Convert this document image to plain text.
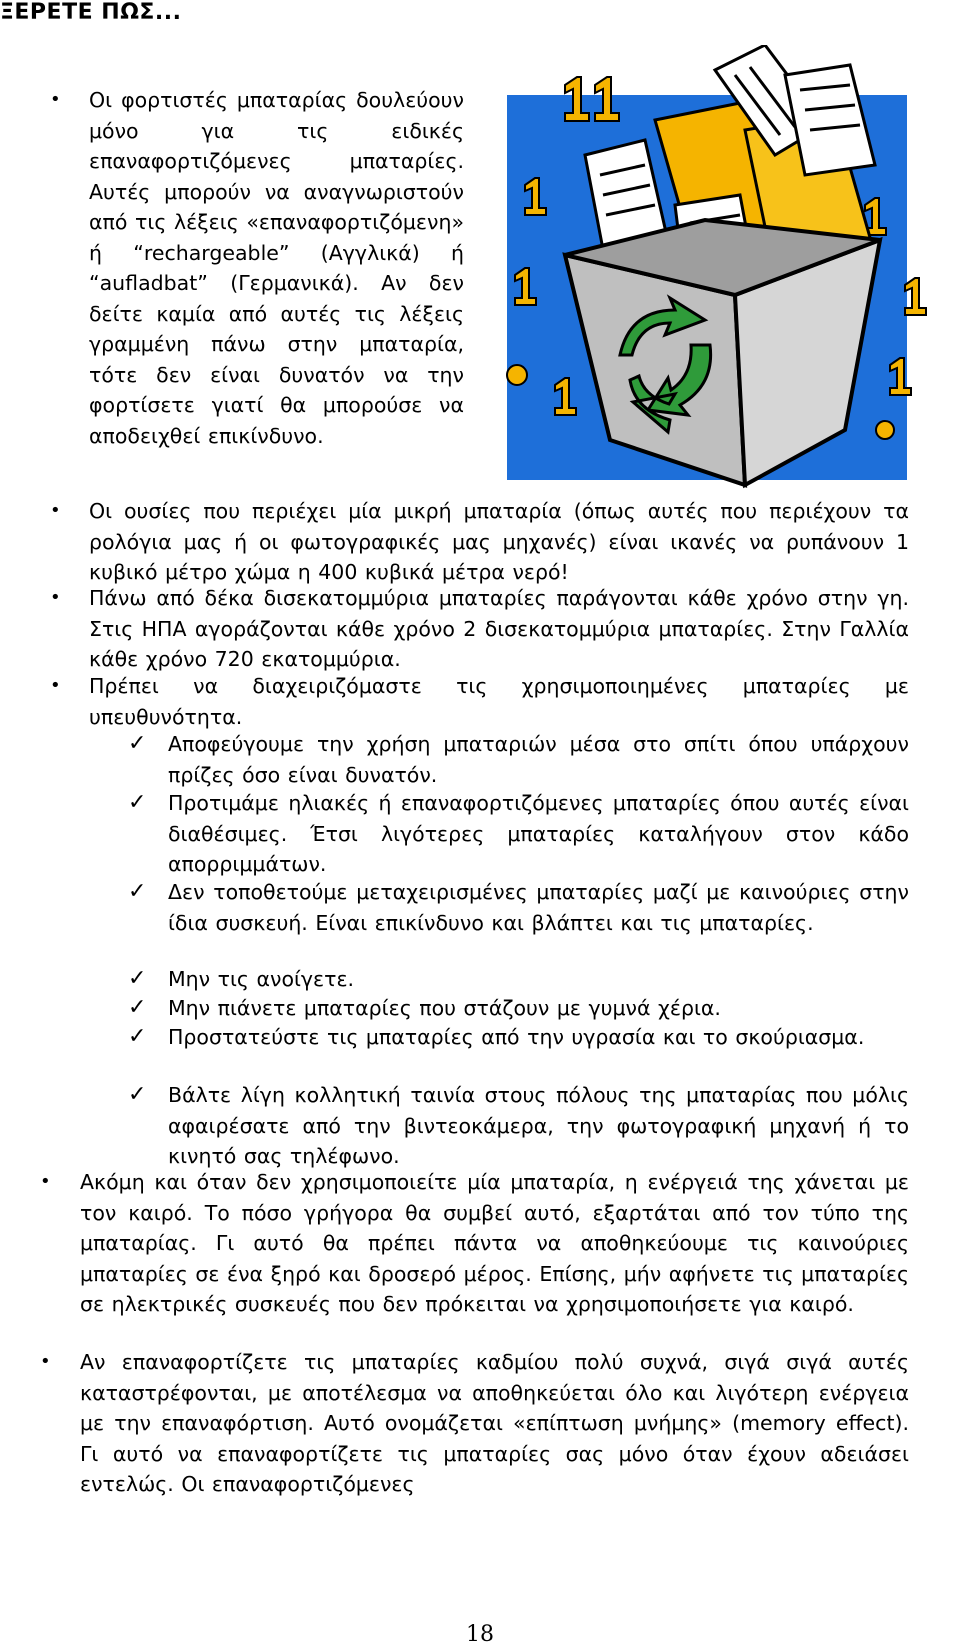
ΞΕΡΕΤΕ ΠΩΣ...
• Οι φορτιστές μπαταρίας δουλεύουν μόνο για τις ειδικές επαναφορτιζόμενες μπαταρίες. Αυτές μπορούν να αναγνωριστούν από τις λέξεις «επαναφορτιζόμενη» ή “rechargeable” (Αγγλικά) ή “aufladbat” (Γερμανικά). Αν δεν δείτε καμία από αυτές τις λέξεις γραμμένη πάνω στην μπαταρία, τότε δεν είναι δυνατόν να την φορτίσετε γιατί θα μπορούσε να αποδειχθεί επικίνδυνο.
• Οι ουσίες που περιέχει μία μικρή μπαταρία (όπως αυτές που περιέχουν τα ρολόγια μας ή οι φωτογραφικές μας μηχανές) είναι ικανές να ρυπάνουν 1 κυβικό μέτρο χώμα η 400 κυβικά μέτρα νερό!
• Πάνω από δέκα δισεκατομμύρια μπαταρίες παράγονται κάθε χρόνο στην γη. Στις ΗΠΑ αγοράζονται κάθε χρόνο 2 δισεκατομμύρια μπαταρίες. Στην Γαλλία κάθε χρόνο 720 εκατομμύρια.
• Πρέπει να διαχειριζόμαστε τις χρησιμοποιημένες μπαταρίες με υπευθυνότητα.
✓ Αποφεύγουμε την χρήση μπαταριών μέσα στο σπίτι όπου υπάρχουν πρίζες όσο είναι δυνατόν.
✓ Προτιμάμε ηλιακές ή επαναφορτιζόμενες μπαταρίες όπου αυτές είναι διαθέσιμες. Έτσι λιγότερες μπαταρίες καταλήγουν στον κάδο απορριμμάτων.
✓ Δεν τοποθετούμε μεταχειρισμένες μπαταρίες μαζί με καινούριες στην ίδια συσκευή. Είναι επικίνδυνο και βλάπτει και τις μπαταρίες.
✓ Μην τις ανοίγετε.
✓ Μην πιάνετε μπαταρίες που στάζουν με γυμνά χέρια.
✓ Προστατεύστε τις μπαταρίες από την υγρασία και το σκούριασμα.
✓ Βάλτε λίγη κολλητική ταινία στους πόλους της μπαταρίας που μόλις αφαιρέσατε από την βιντεοκάμερα, την φωτογραφική μηχανή ή το κινητό σας τηλέφωνο.
• Ακόμη και όταν δεν χρησιμοποιείτε μία μπαταρία, η ενέργειά της χάνεται με τον καιρό. Το πόσο γρήγορα θα συμβεί αυτό, εξαρτάται από τον τύπο της μπαταρίας. Γι αυτό θα πρέπει πάντα να αποθηκεύουμε τις καινούριες μπαταρίες σε ένα ξηρό και δροσερό μέρος. Επίσης, μήν αφήνετε τις μπαταρίες σε ηλεκτρικές συσκευές που δεν πρόκειται να χρησιμοποιήσετε για καιρό.
• Αν επαναφορτίζετε τις μπαταρίες καδμίου πολύ συχνά, σιγά σιγά αυτές καταστρέφονται, με αποτέλεσμα να αποθηκεύεται όλο και λιγότερη ενέργεια με την επαναφόρτιση. Αυτό ονομάζεται «επίπτωση μνήμης» (memory effect). Γι αυτό να επαναφορτίζετε τις μπαταρίες σας μόνο όταν έχουν αδειάσει εντελώς. Οι επαναφορτιζόμενες
18
